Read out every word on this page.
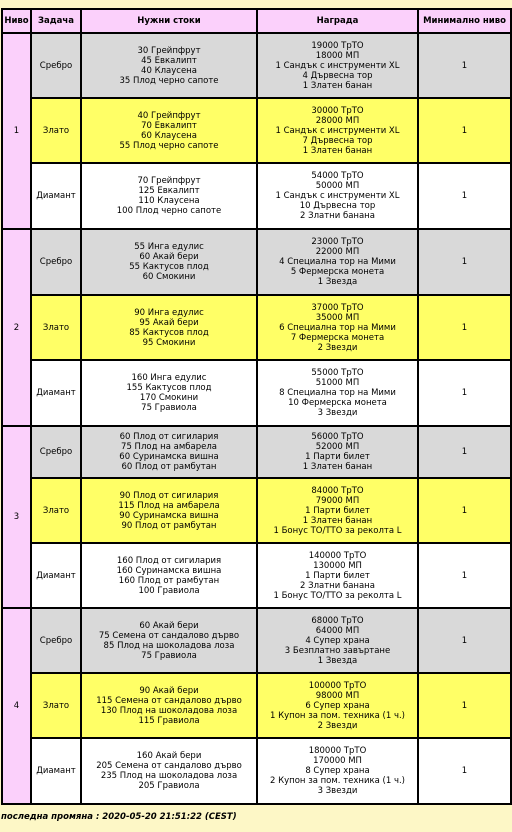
Ниво	Задача	Нужни стоки	Награда	Минимално ниво
1	Сребро	30 Грейпфрут
45 Евкалипт
40 Клаусена
35 Плод черно сапоте	19000 ТрТО
18000 МП
1 Сандък с инструменти XL
4 Дървесна тор
1 Златен банан	1
	Злато	40 Грейпфрут
70 Евкалипт
60 Клаусена
55 Плод черно сапоте	30000 ТрТО
28000 МП
1 Сандък с инструменти XL
7 Дървесна тор
1 Златен банан	1
	Диамант	70 Грейпфрут
125 Евкалипт
110 Клаусена
100 Плод черно сапоте	54000 ТрТО
50000 МП
1 Сандък с инструменти XL
10 Дървесна тор
2 Златни банана	1
2	Сребро	55 Инга едулис
60 Акай бери
55 Кактусов плод
60 Смокини	23000 ТрТО
22000 МП
4 Специална тор на Мими
5 Фермерска монета
1 Звезда	1
	Злато	90 Инга едулис
95 Акай бери
85 Кактусов плод
95 Смокини	37000 ТрТО
35000 МП
6 Специална тор на Мими
7 Фермерска монета
2 Звезди	1
	Диамант	160 Инга едулис
155 Кактусов плод
170 Смокини
75 Гравиола	55000 ТрТО
51000 МП
8 Специална тор на Мими
10 Фермерска монета
3 Звезди	1
3	Сребро	60 Плод от сигилария
75 Плод на амбарела
60 Суринамска вишна
60 Плод от рамбутан	56000 ТрТО
52000 МП
1 Парти билет
1 Златен банан	1
	Злато	90 Плод от сигилария
115 Плод на амбарела
90 Суринамска вишна
90 Плод от рамбутан	84000 ТрТО
79000 МП
1 Парти билет
1 Златен банан
1 Бонус ТО/ТТО за реколта L	1
	Диамант	160 Плод от сигилария
160 Суринамска вишна
160 Плод от рамбутан
100 Гравиола	140000 ТрТО
130000 МП
1 Парти билет
2 Златни банана
1 Бонус ТО/ТТО за реколта L	1
4	Сребро	60 Акай бери
75 Семена от сандалово дърво
85 Плод на шоколадова лоза
75 Гравиола	68000 ТрТО
64000 МП
4 Супер храна
3 Безплатно завъртане
1 Звезда	1
	Злато	90 Акай бери
115 Семена от сандалово дърво
130 Плод на шоколадова лоза
115 Гравиола	100000 ТрТО
98000 МП
6 Супер храна
1 Купон за пом. техника (1 ч.)
2 Звезди	1
	Диамант	160 Акай бери
205 Семена от сандалово дърво
235 Плод на шоколадова лоза
205 Гравиола	180000 ТрТО
170000 МП
8 Супер храна
2 Купон за пом. техника (1 ч.)
3 Звезди	1
последна промяна : 2020-05-20 21:51:22 (CEST)
